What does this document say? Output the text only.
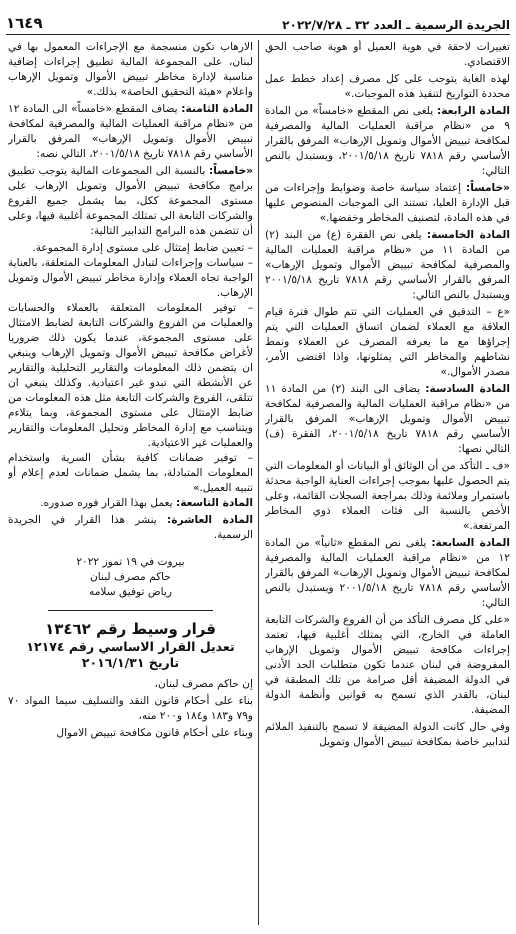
الجريدة الرسمية ـ العدد ٣٢ ـ ٢٠٢٢/٧/٢٨
١٦٤٩

تغييرات لاحقة في هوية العميل أو هوية صاحب الحق الاقتصادي.

لهذه الغاية يتوجب على كل مصرف إعداد خطط عمل محددة التواريخ لتنفيذ هذه الموجبات.»

المادة الرابعة: يلغى نص المقطع «خامساً» من المادة ٩ من «نظام مراقبة العمليات المالية والمصرفية لمكافحة تبييض الأموال وتمويل الإرهاب» المرفق بالقرار الأساسي رقم ٧٨١٨ تاريخ ٢٠٠١/٥/١٨، ويستبدل بالنص التالي:

«خامساً: إعتماد سياسة خاصة وضوابط وإجراءات من قبل الإدارة العليا، تستند الى الموجبات المنصوص عليها في هذه المادة، لتصنيف المخاطر وخفضها.»

المادة الخامسة: يلغى نص الفقرة (ع) من البند (٢) من المادة ١١ من «نظام مراقبة العمليات المالية والمصرفية لمكافحة تبييض الأموال وتمويل الإرهاب» المرفق بالقرار الأساسي رقم ٧٨١٨ تاريخ ٢٠٠١/٥/١٨ ويستبدل بالنص التالي:

«ع – التدقيق في العمليات التي تتم طوال فترة قيام العلاقة مع العملاء لضمان اتساق العمليات التي يتم إجراؤها مع ما يعرفه المصرف عن العملاء ونمط نشاطهم والمخاطر التي يمثلونها، واذا اقتضى الأمر، مصدر الأموال.»

المادة السادسة: يضاف الى البند (٢) من المادة ١١ من «نظام مراقبة العمليات المالية والمصرفية لمكافحة تبييض الأموال وتمويل الإرهاب» المرفق بالقرار الأساسي رقم ٧٨١٨ تاريخ ٢٠٠١/٥/١٨، الفقرة (ف) التالي نصها:

«ف ـ التأكد من أن الوثائق أو البيانات أو المعلومات التي يتم الحصول عليها بموجب إجراءات العناية الواجبة محدثة باستمرار وملائمة وذلك بمراجعة السجلات القائمة، وعلى الأخص بالنسبة الى فئات العملاء ذوي المخاطر المرتفعة.»

المادة السابعة: يلغى نص المقطع «ثانياً» من المادة ١٢ من «نظام مراقبة العمليات المالية والمصرفية لمكافحة تبييض الأموال وتمويل الإرهاب» المرفق بالقرار الأساسي رقم ٧٨١٨ تاريخ ٢٠٠١/٥/١٨ ويستبدل بالنص التالي:

«على كل مصرف التأكد من أن الفروع والشركات التابعة العاملة في الخارج، التي يمتلك أغلبية فيها، تعتمد إجراءات مكافحة تبييض الأموال وتمويل الإرهاب المفروضة في لبنان عندما تكون متطلبات الحد الأدنى في الدولة المضيفة أقل صرامة من تلك المطبقة في لبنان، بالقدر الذي تسمح به قوانين وأنظمة الدولة المضيفة.

وفي حال كانت الدولة المضيفة لا تسمح بالتنفيذ الملائم لتدابير خاصة بمكافحة تبييض الأموال وتمويل

الارهاب تكون منسجمة مع الإجراءات المعمول بها في لبنان، على المجموعة المالية تطبيق إجراءات إضافية مناسبة لإدارة مخاطر تبييض الأموال وتمويل الإرهاب واعلام «هيئة التحقيق الخاصة» بذلك.»

المادة الثامنة: يضاف المقطع «خامساً» الى المادة ١٢ من «نظام مراقبة العمليات المالية والمصرفية لمكافحة تبييض الأموال وتمويل الإرهاب» المرفق بالقرار الأساسي رقم ٧٨١٨ تاريخ ٢٠٠١/٥/١٨، التالي نصه:

«خامساً: بالنسبة الى المجموعات المالية يتوجب تطبيق برامج مكافحة تبييض الأموال وتمويل الإرهاب على مستوى المجموعة ككل، بما يشمل جميع الفروع والشركات التابعة الى تمتلك المجموعة أغلبية فيها، وعلى أن تتضمن هذه البرامج التدابير التالية:

– تعيين ضابط إمتثال على مستوى إدارة المجموعة.

– سياسات وإجراءات لتبادل المعلومات المتعلقة، بالعناية الواجبة تجاه العملاء وإدارة مخاطر تبييض الأموال وتمويل الإرهاب.

– توفير المعلومات المتعلقة بالعملاء والحسابات والعمليات من الفروع والشركات التابعة لضابط الامتثال على مستوى المجموعة، عندما يكون ذلك ضروريا لأغراض مكافحة تبييض الأموال وتمويل الإرهاب وينبغي ان يتضمن ذلك المعلومات والتقارير التحليلية والتقارير عن الأنشطة التي تبدو غير اعتيادية. وكذلك ينبغي ان تتلقى، الفروع والشركات التابعة مثل هذه المعلومات من ضابط الإمتثال على مستوى المجموعة، وبما يتلاءم ويتناسب مع إدارة المخاطر وتحليل المعلومات والتقارير والعمليات غير الاعتيادية.

– توفير ضمانات كافية بشأن السرية واستخدام المعلومات المتبادلة، بما يشمل ضمانات لعدم إعلام أو تنبيه العميل.»

المادة التاسعة: يعمل بهذا القرار فوره صدوره.

المادة العاشرة: ينشر هذا القرار في الجريدة الرسمية.

بيروت في ١٩ تموز ٢٠٢٢

حاكم مصرف لبنان

رياض توفيق سلامه

قرار وسيط رقم ١٣٤٦٢

تعديل القرار الاساسي رقم ١٢١٧٤

تاريخ ٢٠١٦/١/٣١

إن حاكم مصرف لبنان،

بناء على أحكام قانون النقد والتسليف سيما المواد ٧٠ و٧٩ و١٨٣ و١٨٤ و٢٠٠ منه،

وبناء على أحكام قانون مكافحة تبييض الاموال
